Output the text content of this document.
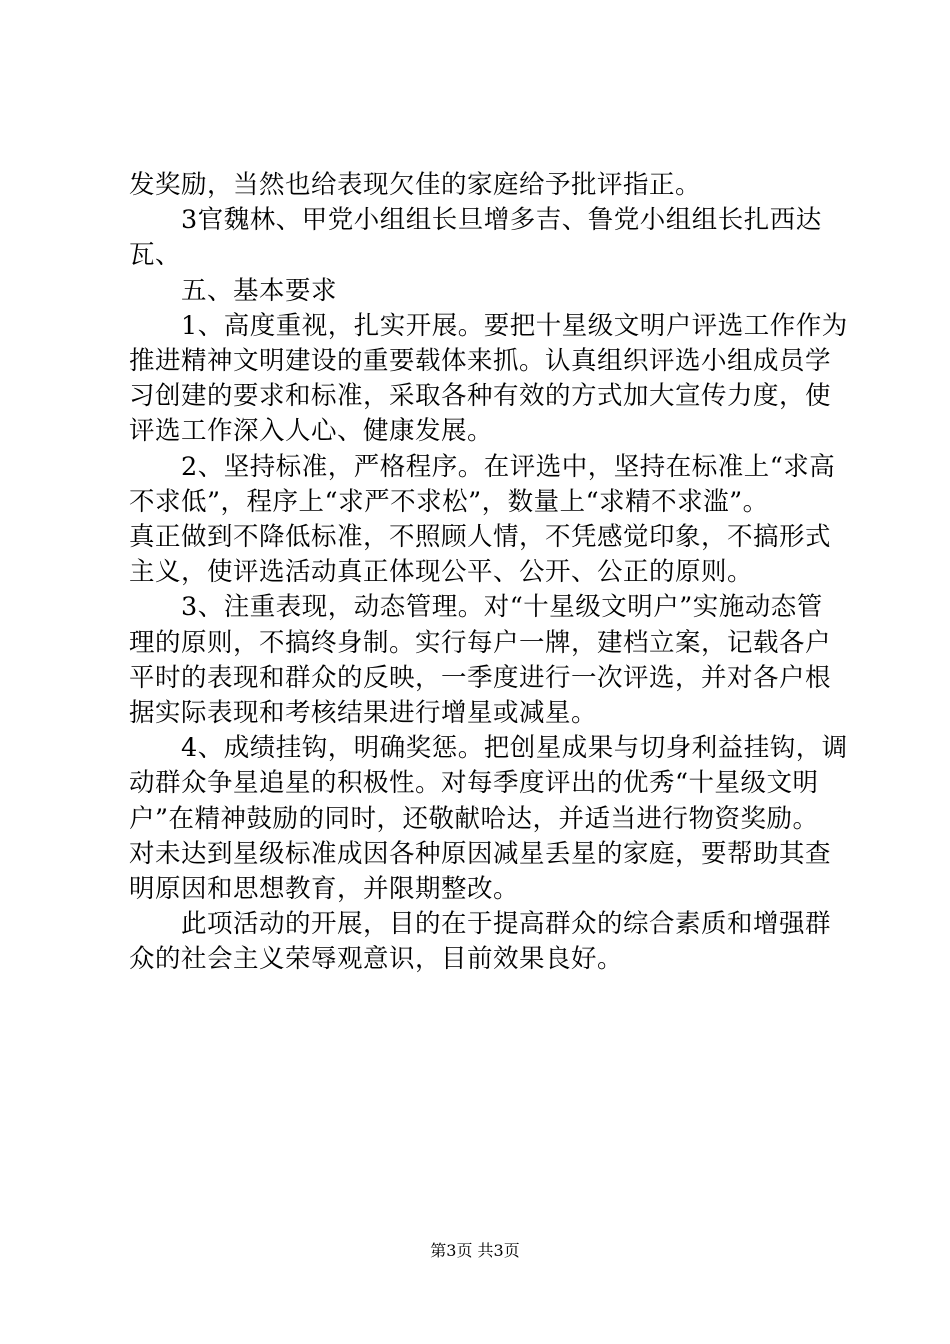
发奖励，当然也给表现欠佳的家庭给予批评指正。

3官魏林、甲党小组组长旦增多吉、鲁党小组组长扎西达
瓦、

五、基本要求

1、高度重视，扎实开展。要把十星级文明户评选工作作为
推进精神文明建设的重要载体来抓。认真组织评选小组成员学
习创建的要求和标准，采取各种有效的方式加大宣传力度，使
评选工作深入人心、健康发展。

2、坚持标准，严格程序。在评选中，坚持在标准上“求高
不求低”，程序上“求严不求松”，数量上“求精不求滥”。
真正做到不降低标准，不照顾人情，不凭感觉印象，不搞形式
主义，使评选活动真正体现公平、公开、公正的原则。

3、注重表现，动态管理。对“十星级文明户”实施动态管
理的原则，不搞终身制。实行每户一牌，建档立案，记载各户
平时的表现和群众的反映，一季度进行一次评选，并对各户根
据实际表现和考核结果进行增星或减星。

4、成绩挂钩，明确奖惩。把创星成果与切身利益挂钩，调
动群众争星追星的积极性。对每季度评出的优秀“十星级文明
户”在精神鼓励的同时，还敬献哈达，并适当进行物资奖励。
对未达到星级标准成因各种原因减星丢星的家庭，要帮助其查
明原因和思想教育，并限期整改。

此项活动的开展，目的在于提高群众的综合素质和增强群
众的社会主义荣辱观意识，目前效果良好。

第3页 共3页
